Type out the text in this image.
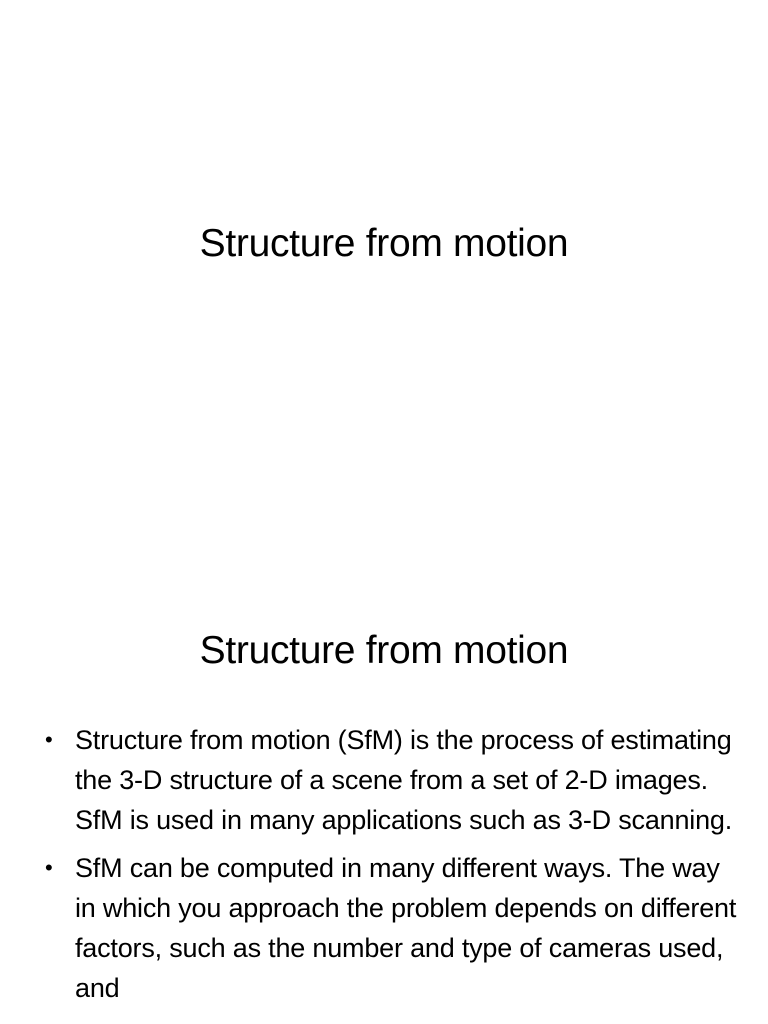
Structure from motion
Structure from motion
• Structure from motion (SfM) is the process of estimating the 3-D structure of a scene from a set of 2-D images. SfM is used in many applications such as 3-D scanning.
• SfM can be computed in many different ways. The way in which you approach the problem depends on different factors, such as the number and type of cameras used, and
